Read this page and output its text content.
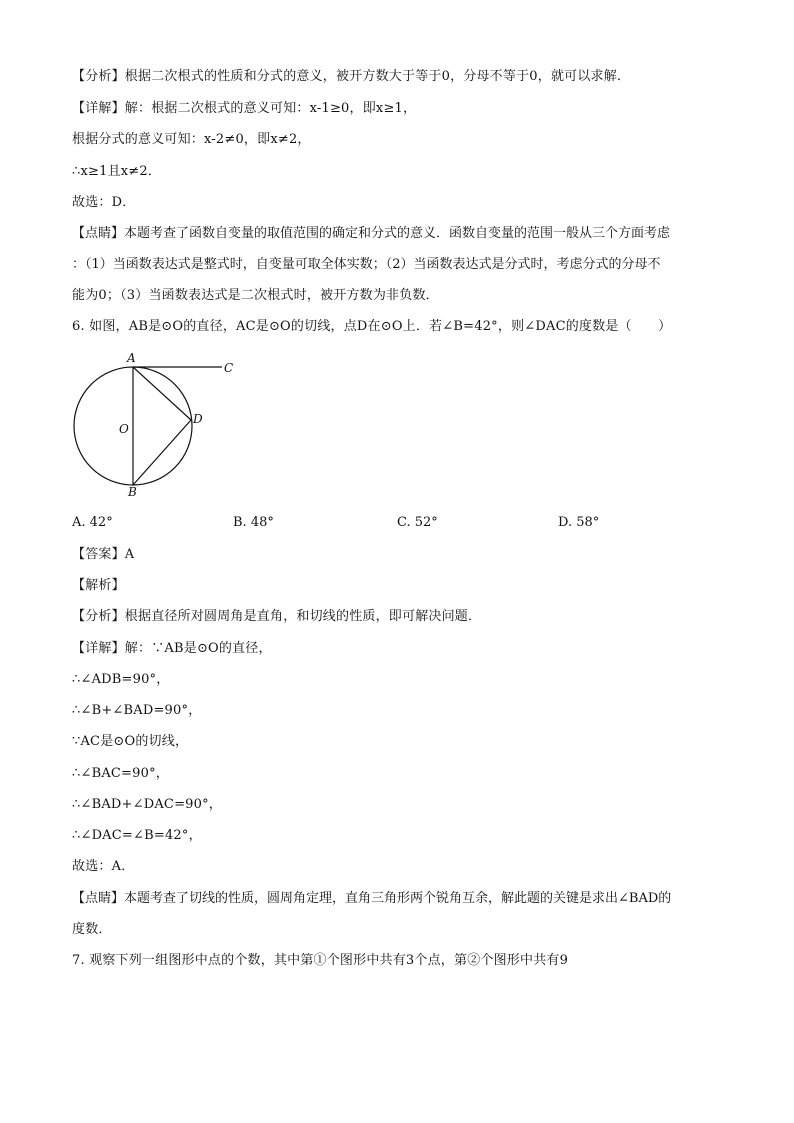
【分析】根据二次根式的性质和分式的意义，被开方数大于等于0，分母不等于0，就可以求解．
【详解】解：根据二次根式的意义可知：x-1≥0，即x≥1，
根据分式的意义可知：x-2≠0，即x≠2，
∴x≥1且x≠2．
故选：D．
【点睛】本题考查了函数自变量的取值范围的确定和分式的意义．函数自变量的范围一般从三个方面考虑
：（1）当函数表达式是整式时，自变量可取全体实数；（2）当函数表达式是分式时，考虑分式的分母不
能为0；（3）当函数表达式是二次根式时，被开方数为非负数．
6. 如图，AB是⊙O的直径，AC是⊙O的切线，点D在⊙O上．若∠B=42°，则∠DAC的度数是（　　）
A
C
D
O
B
A. 42°	B. 48°	C. 52°	D. 58°
【答案】A
【解析】
【分析】根据直径所对圆周角是直角，和切线的性质，即可解决问题．
【详解】解：∵AB是⊙O的直径，
∴∠ADB=90°，
∴∠B+∠BAD=90°，
∵AC是⊙O的切线，
∴∠BAC=90°，
∴∠BAD+∠DAC=90°，
∴∠DAC=∠B=42°，
故选：A．
【点睛】本题考查了切线的性质，圆周角定理，直角三角形两个锐角互余，解此题的关键是求出∠BAD的
度数．
7. 观察下列一组图形中点的个数，其中第①个图形中共有3个点，第②个图形中共有9
